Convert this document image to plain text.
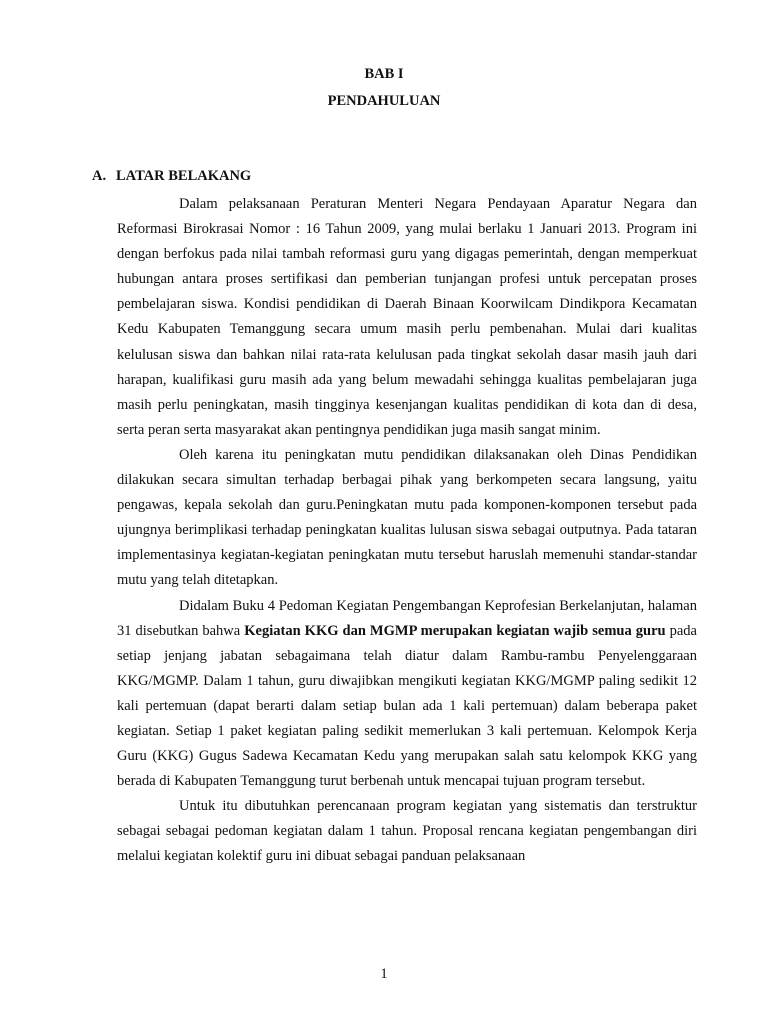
BAB I
PENDAHULUAN
A. LATAR BELAKANG

Dalam pelaksanaan Peraturan Menteri Negara Pendayaan Aparatur Negara dan Reformasi Birokrasai Nomor : 16 Tahun 2009, yang mulai berlaku 1 Januari 2013. Program ini dengan berfokus pada nilai tambah reformasi guru yang digagas pemerintah, dengan memperkuat hubungan antara proses sertifikasi dan pemberian tunjangan profesi untuk percepatan proses pembelajaran siswa. Kondisi pendidikan di Daerah Binaan Koorwilcam Dindikpora Kecamatan Kedu Kabupaten Temanggung secara umum masih perlu pembenahan. Mulai dari kualitas kelulusan siswa dan bahkan nilai rata-rata kelulusan pada tingkat sekolah dasar masih jauh dari harapan, kualifikasi guru masih ada yang belum mewadahi sehingga kualitas pembelajaran juga masih perlu peningkatan, masih tingginya kesenjangan kualitas pendidikan di kota dan di desa, serta peran serta masyarakat akan pentingnya pendidikan juga masih sangat minim.

Oleh karena itu peningkatan mutu pendidikan dilaksanakan oleh Dinas Pendidikan dilakukan secara simultan terhadap berbagai pihak yang berkompeten secara langsung, yaitu pengawas, kepala sekolah dan guru.Peningkatan mutu pada komponen-komponen tersebut pada ujungnya berimplikasi terhadap peningkatan kualitas lulusan siswa sebagai outputnya. Pada tataran implementasinya kegiatan-kegiatan peningkatan mutu tersebut haruslah memenuhi standar-standar mutu yang telah ditetapkan.

Didalam Buku 4 Pedoman Kegiatan Pengembangan Keprofesian Berkelanjutan, halaman 31 disebutkan bahwa Kegiatan KKG dan MGMP merupakan kegiatan wajib semua guru pada setiap jenjang jabatan sebagaimana telah diatur dalam Rambu-rambu Penyelenggaraan KKG/MGMP. Dalam 1 tahun, guru diwajibkan mengikuti kegiatan KKG/MGMP paling sedikit 12 kali pertemuan (dapat berarti dalam setiap bulan ada 1 kali pertemuan) dalam beberapa paket kegiatan. Setiap 1 paket kegiatan paling sedikit memerlukan 3 kali pertemuan. Kelompok Kerja Guru (KKG) Gugus Sadewa Kecamatan Kedu yang merupakan salah satu kelompok KKG yang berada di Kabupaten Temanggung turut berbenah untuk mencapai tujuan program tersebut.

Untuk itu dibutuhkan perencanaan program kegiatan yang sistematis dan terstruktur sebagai sebagai pedoman kegiatan dalam 1 tahun. Proposal rencana kegiatan pengembangan diri melalui kegiatan kolektif guru ini dibuat sebagai panduan pelaksanaan

1
